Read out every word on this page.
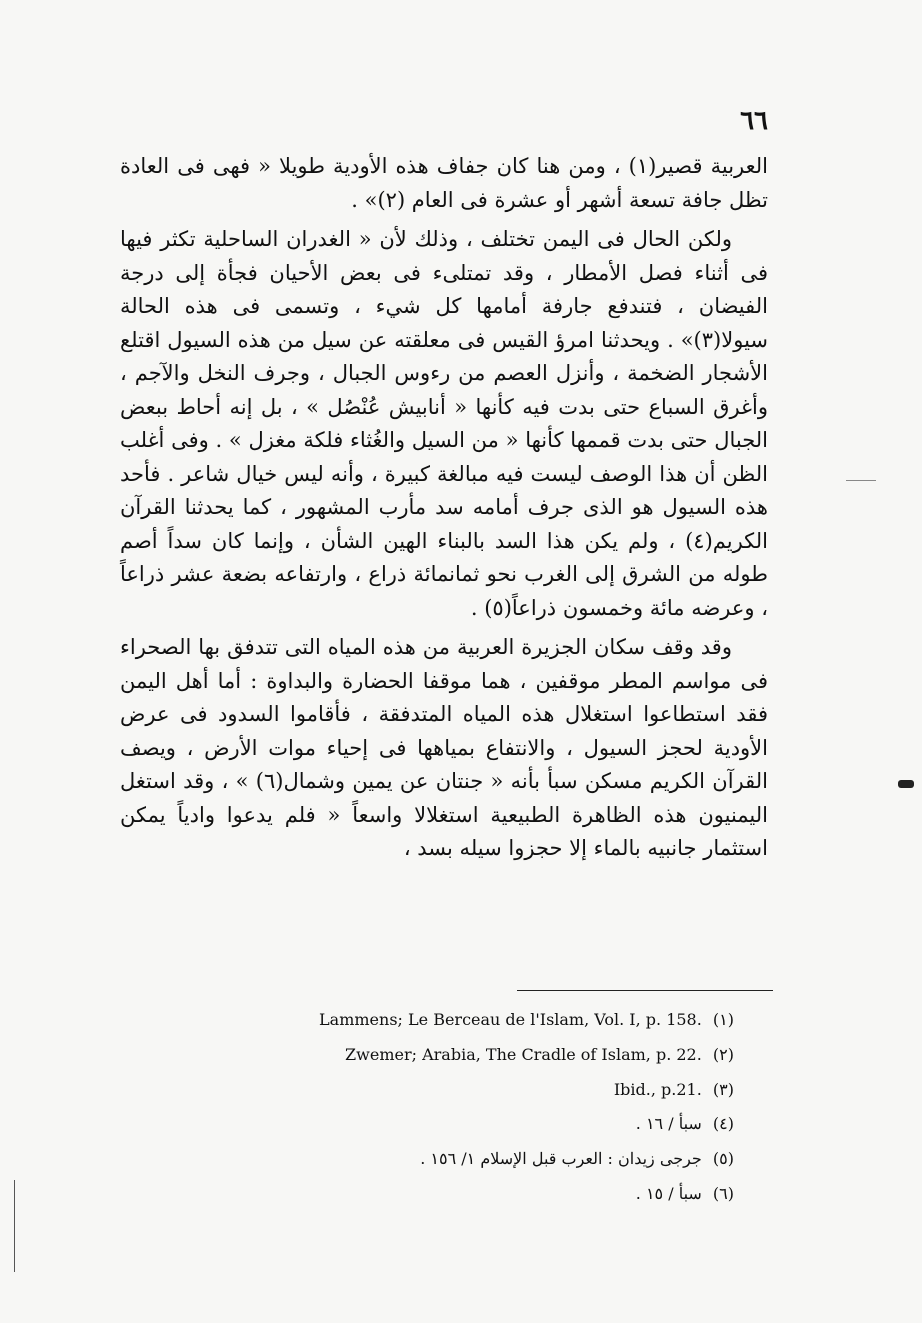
٦٦

العربية قصير(١) ، ومن هنا كان جفاف هذه الأودية طويلا « فهى فى العادة تظل جافة تسعة أشهر أو عشرة فى العام (٢)» .

ولكن الحال فى اليمن تختلف ، وذلك لأن « الغدران الساحلية تكثر فيها فى أثناء فصل الأمطار ، وقد تمتلىء فى بعض الأحيان فجأة إلى درجة الفيضان ، فتندفع جارفة أمامها كل شيء ، وتسمى فى هذه الحالة سيولا(٣)» . ويحدثنا امرؤ القيس فى معلقته عن سيل من هذه السيول اقتلع الأشجار الضخمة ، وأنزل العصم من رءوس الجبال ، وجرف النخل والآجم ، وأغرق السباع حتى بدت فيه كأنها « أنابيش عُنْصُل » ، بل إنه أحاط ببعض الجبال حتى بدت قممها كأنها « من السيل والغُثاء فلكة مغزل » . وفى أغلب الظن أن هذا الوصف ليست فيه مبالغة كبيرة ، وأنه ليس خيال شاعر . فأحد هذه السيول هو الذى جرف أمامه سد مأرب المشهور ، كما يحدثنا القرآن الكريم(٤) ، ولم يكن هذا السد بالبناء الهين الشأن ، وإنما كان سداً أصم طوله من الشرق إلى الغرب نحو ثمانمائة ذراع ، وارتفاعه بضعة عشر ذراعاً ، وعرضه مائة وخمسون ذراعاً(٥) .

وقد وقف سكان الجزيرة العربية من هذه المياه التى تتدفق بها الصحراء فى مواسم المطر موقفين ، هما موقفا الحضارة والبداوة : أما أهل اليمن فقد استطاعوا استغلال هذه المياه المتدفقة ، فأقاموا السدود فى عرض الأودية لحجز السيول ، والانتفاع بمياهها فى إحياء موات الأرض ، ويصف القرآن الكريم مسكن سبأ بأنه « جنتان عن يمين وشمال(٦) » ، وقد استغل اليمنيون هذه الظاهرة الطبيعية استغلالا واسعاً « فلم يدعوا وادياً يمكن استثمار جانبيه بالماء إلا حجزوا سيله بسد ،

Lammens; Le Berceau de l'Islam, Vol. I, p. 158. (١)
Zwemer; Arabia, The Cradle of Islam, p. 22. (٢)
Ibid., p.21. (٣)
(٤) سبأ / ١٦ .
(٥) جرجى زيدان : العرب قبل الإسلام ١/ ١٥٦ .
(٦) سبأ / ١٥ .
